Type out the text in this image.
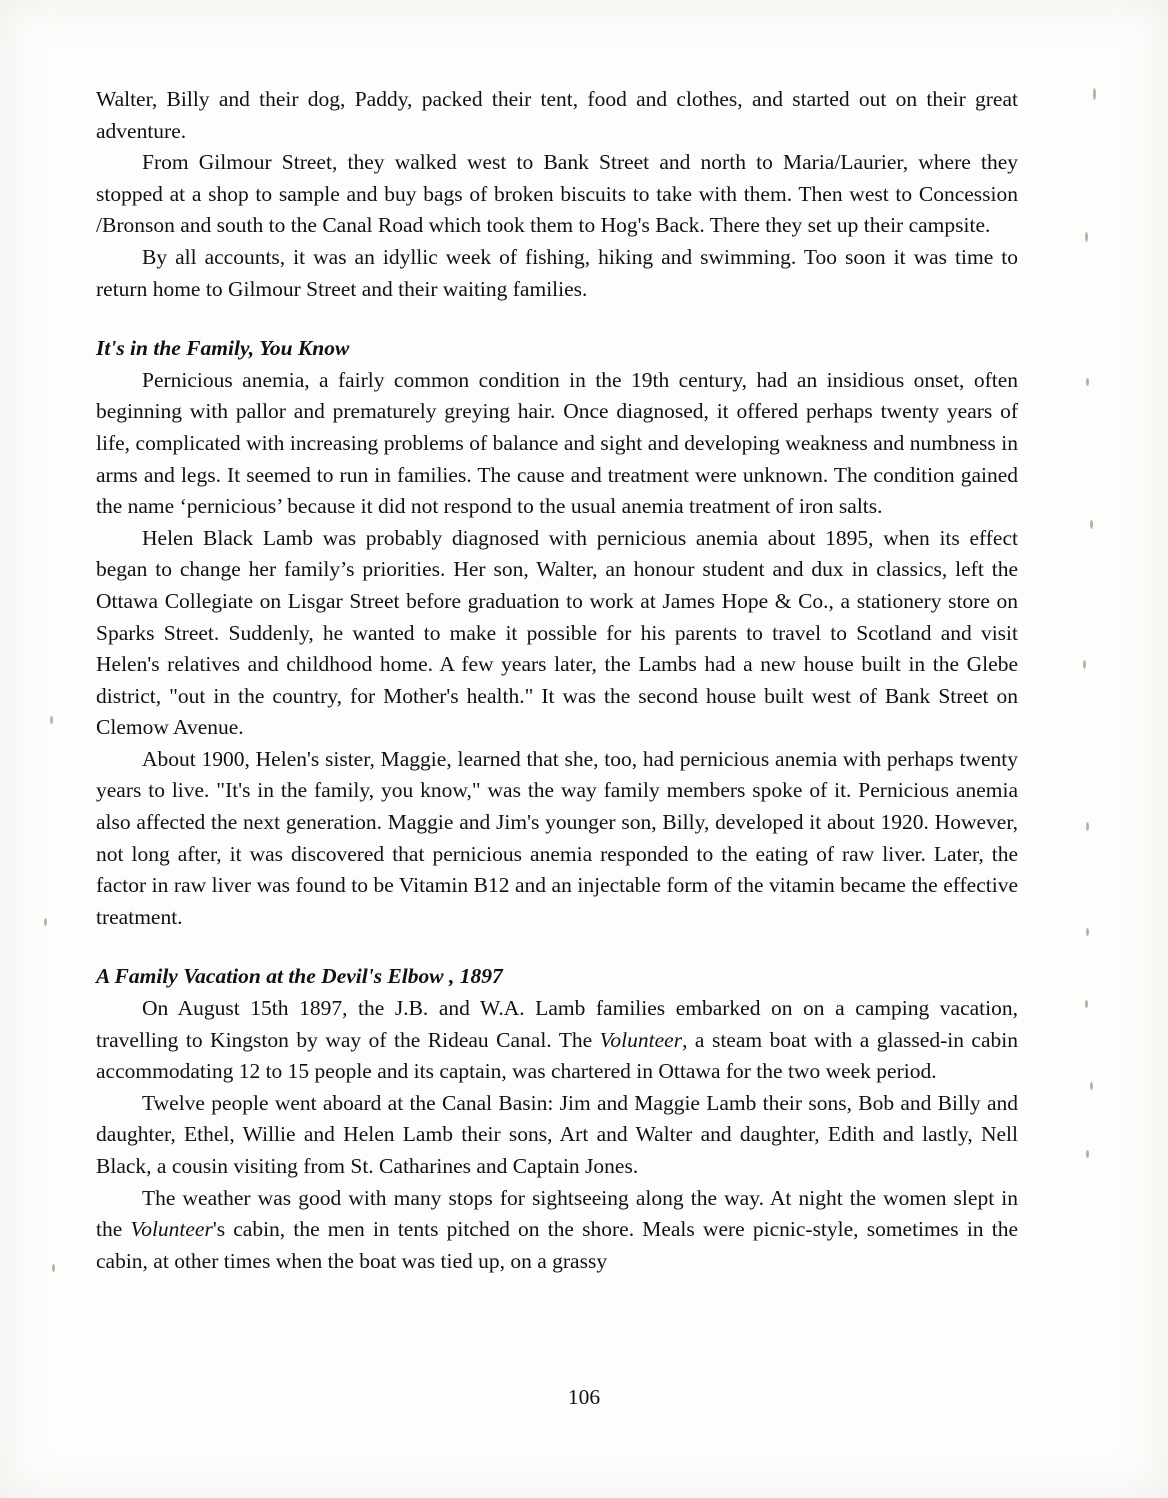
Walter, Billy and their dog, Paddy, packed their tent, food and clothes, and started out on their great adventure.

From Gilmour Street, they walked west to Bank Street and north to Maria/Laurier, where they stopped at a shop to sample and buy bags of broken biscuits to take with them. Then west to Concession /Bronson and south to the Canal Road which took them to Hog's Back. There they set up their campsite.

By all accounts, it was an idyllic week of fishing, hiking and swimming. Too soon it was time to return home to Gilmour Street and their waiting families.

It's in the Family, You Know

Pernicious anemia, a fairly common condition in the 19th century, had an insidious onset, often beginning with pallor and prematurely greying hair. Once diagnosed, it offered perhaps twenty years of life, complicated with increasing problems of balance and sight and developing weakness and numbness in arms and legs. It seemed to run in families. The cause and treatment were unknown. The condition gained the name ‘pernicious’ because it did not respond to the usual anemia treatment of iron salts.

Helen Black Lamb was probably diagnosed with pernicious anemia about 1895, when its effect began to change her family’s priorities. Her son, Walter, an honour student and dux in classics, left the Ottawa Collegiate on Lisgar Street before graduation to work at James Hope & Co., a stationery store on Sparks Street. Suddenly, he wanted to make it possible for his parents to travel to Scotland and visit Helen's relatives and childhood home. A few years later, the Lambs had a new house built in the Glebe district, "out in the country, for Mother's health." It was the second house built west of Bank Street on Clemow Avenue.

About 1900, Helen's sister, Maggie, learned that she, too, had pernicious anemia with perhaps twenty years to live. "It's in the family, you know," was the way family members spoke of it. Pernicious anemia also affected the next generation. Maggie and Jim's younger son, Billy, developed it about 1920. However, not long after, it was discovered that pernicious anemia responded to the eating of raw liver. Later, the factor in raw liver was found to be Vitamin B12 and an injectable form of the vitamin became the effective treatment.

A Family Vacation at the Devil's Elbow , 1897

On August 15th 1897, the J.B. and W.A. Lamb families embarked on on a camping vacation, travelling to Kingston by way of the Rideau Canal. The Volunteer, a steam boat with a glassed-in cabin accommodating 12 to 15 people and its captain, was chartered in Ottawa for the two week period.

Twelve people went aboard at the Canal Basin: Jim and Maggie Lamb their sons, Bob and Billy and daughter, Ethel, Willie and Helen Lamb their sons, Art and Walter and daughter, Edith and lastly, Nell Black, a cousin visiting from St. Catharines and Captain Jones.

The weather was good with many stops for sightseeing along the way. At night the women slept in the Volunteer's cabin, the men in tents pitched on the shore. Meals were picnic-style, sometimes in the cabin, at other times when the boat was tied up, on a grassy

106
